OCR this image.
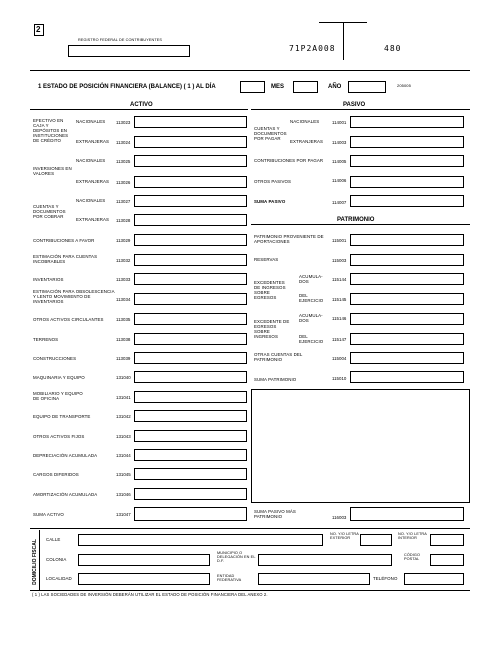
2
REGISTRO FEDERAL DE CONTRIBUYENTES
71P2A008	480
1 ESTADO DE POSICIÓN FINANCIERA (BALANCE) ( 1 ) AL DÍA	MES	AÑO	205005
ACTIVO	PASIVO
EFECTIVO EN CAJA Y DEPÓSITOS EN INSTITUCIONES DE CRÉDITO
NACIONALES 113023
EXTRANJERAS 113024
NACIONALES 113025
INVERSIONES EN VALORES
EXTRANJERAS 113026
NACIONALES 113027
CUENTAS Y DOCUMENTOS POR COBRAR
EXTRANJERAS 113028
CONTRIBUCIONES A FAVOR	113029
ESTIMACIÓN PARA CUENTAS INCOBRABLES	113032
INVENTARIOS	113033
ESTIMACIÓN PARA OBSOLESCENCIA Y LENTO MOVIMIENTO DE INVENTARIOS	113034
OTROS ACTIVOS CIRCULANTES	113035
TERRENOS	113038
CONSTRUCCIONES	113039
MAQUINARIA Y EQUIPO	131040
MOBILIARIO Y EQUIPO DE OFICINA	131041
EQUIPO DE TRANSPORTE	131042
OTROS ACTIVOS FIJOS	131043
DEPRECIACIÓN ACUMULADA	131044
CARGOS DIFERIDOS	131045
AMORTIZACIÓN ACUMULADA	131046
SUMA ACTIVO	131047
NACIONALES	114001
CUENTAS Y DOCUMENTOS POR PAGAR
EXTRANJERAS 114003
CONTRIBUCIONES POR PAGAR 114005
OTROS PASIVOS	114006
SUMA PASIVO	114007
PATRIMONIO
PATRIMONIO PROVENIENTE DE APORTACIONES	115001
RESERVAS	115003
EXCEDENTES DE INGRESOS SOBRE EGRESOS
ACUMULA- DOS	115144
DEL EJERCICIO	115145
EXCEDENTE DE EGRESOS SOBRE INGRESOS
ACUMULA- DOS	115146
DEL EJERCICIO	115147
OTRAS CUENTAS DEL PATRIMONIO	115004
SUMA PATRIMONIO	115010
SUMA PASIVO MÁS PATRIMONIO	116003
DOMICILIO FISCAL CALLE
NO. Y/O LETRA EXTERIOR
NO. Y/O LETRA INTERIOR
COLONIA
MUNICIPIO O DELEGACIÓN EN EL D.F.
CÓDIGO POSTAL
LOCALIDAD	ENTIDAD FEDERATIVA	TELÉFONO
( 1 ) LAS SOCIEDADES DE INVERSIÓN DEBERÁN UTILIZAR EL ESTADO DE POSICIÓN FINANCIERA DEL ANEXO 2.
